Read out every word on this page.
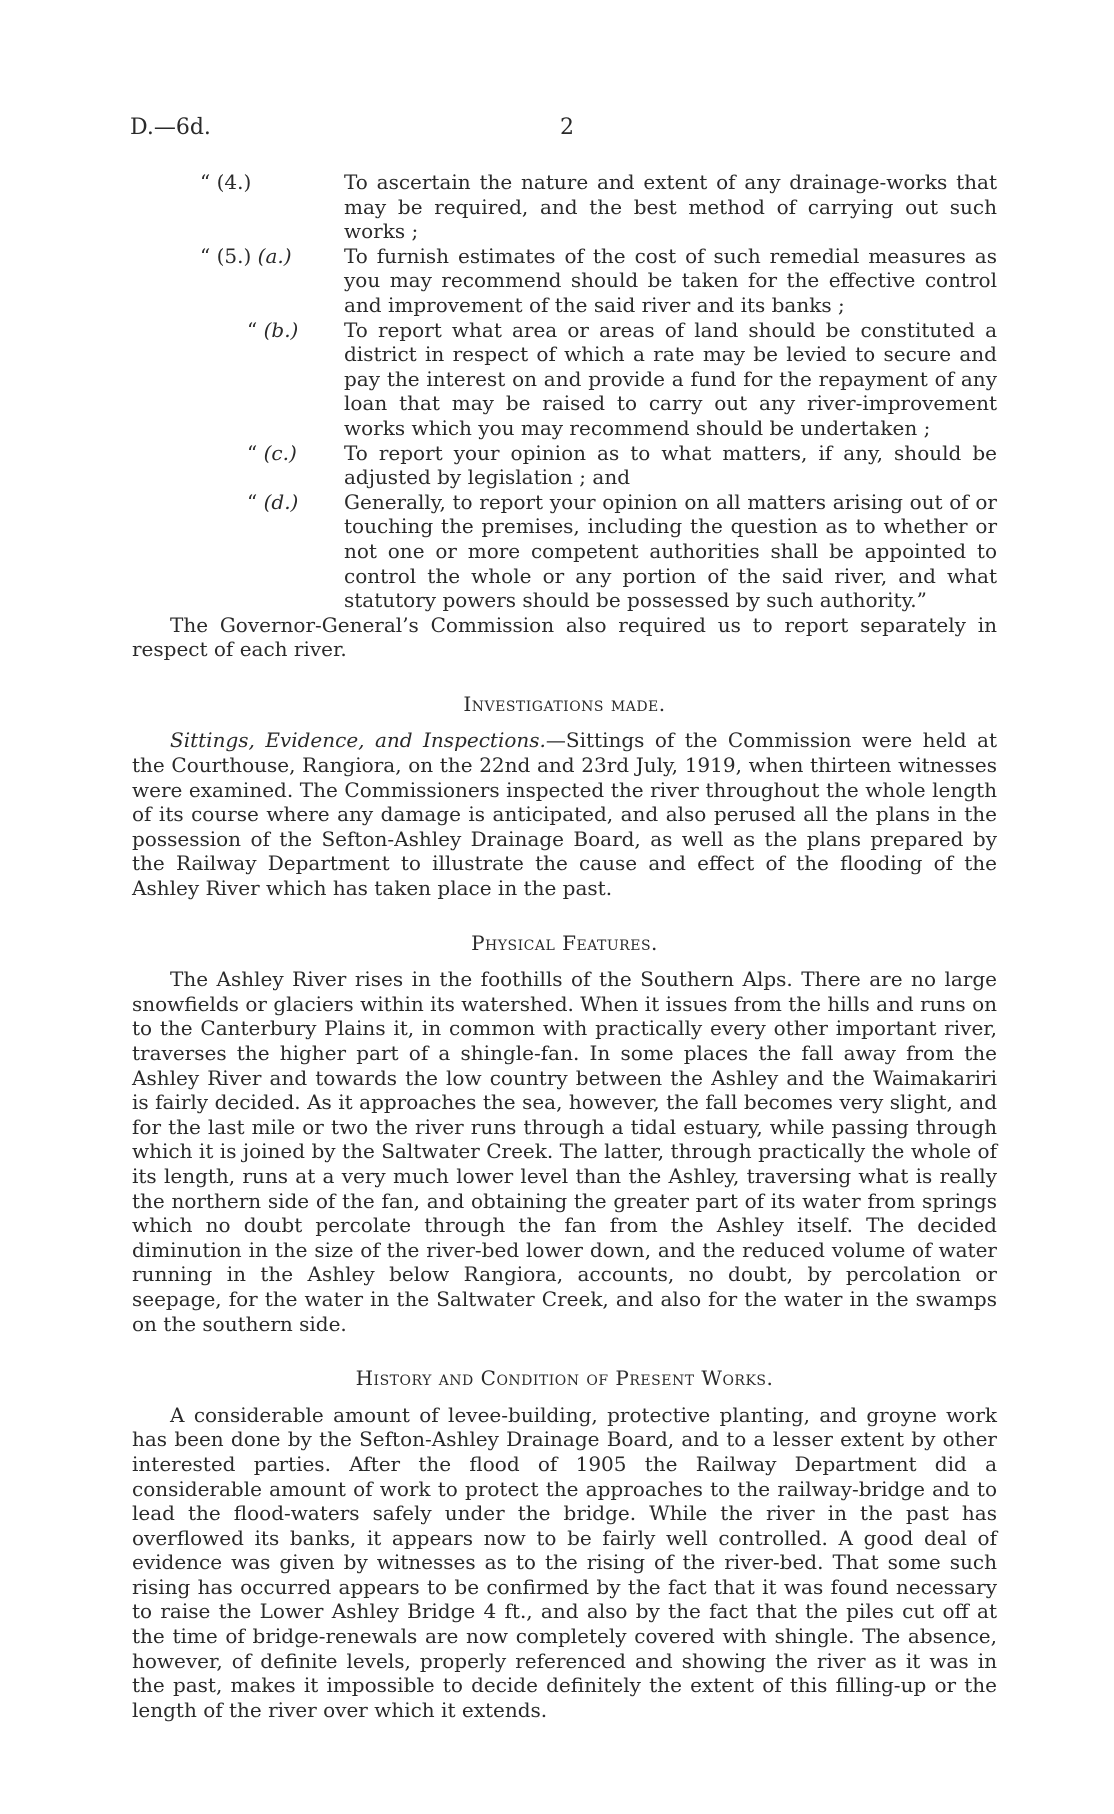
D.—6d.	2

“ (4.)	To ascertain the nature and extent of any drainage-works that may be required, and the best method of carrying out such works ;

“ (5.) (a.)	To furnish estimates of the cost of such remedial measures as you may recommend should be taken for the effective control and improvement of the said river and its banks ;

“ (b.) To report what area or areas of land should be constituted a district in respect of which a rate may be levied to secure and pay the interest on and provide a fund for the repayment of any loan that may be raised to carry out any river-improvement works which you may recommend should be undertaken ;

“ (c.) To report your opinion as to what matters, if any, should be adjusted by legislation ; and

“ (d.) Generally, to report your opinion on all matters arising out of or touching the premises, including the question as to whether or not one or more competent authorities shall be appointed to control the whole or any portion of the said river, and what statutory powers should be possessed by such authority.”

The Governor-General’s Commission also required us to report separately in respect of each river.

Investigations made.

Sittings, Evidence, and Inspections.—Sittings of the Commission were held at the Courthouse, Rangiora, on the 22nd and 23rd July, 1919, when thirteen witnesses were examined. The Commissioners inspected the river throughout the whole length of its course where any damage is anticipated, and also perused all the plans in the possession of the Sefton-Ashley Drainage Board, as well as the plans prepared by the Railway Department to illustrate the cause and effect of the flooding of the Ashley River which has taken place in the past.

Physical Features.

The Ashley River rises in the foothills of the Southern Alps. There are no large snowfields or glaciers within its watershed. When it issues from the hills and runs on to the Canterbury Plains it, in common with practically every other important river, traverses the higher part of a shingle-fan. In some places the fall away from the Ashley River and towards the low country between the Ashley and the Waimakariri is fairly decided. As it approaches the sea, however, the fall becomes very slight, and for the last mile or two the river runs through a tidal estuary, while passing through which it is joined by the Saltwater Creek. The latter, through practically the whole of its length, runs at a very much lower level than the Ashley, traversing what is really the northern side of the fan, and obtaining the greater part of its water from springs which no doubt percolate through the fan from the Ashley itself. The decided diminution in the size of the river-bed lower down, and the reduced volume of water running in the Ashley below Rangiora, accounts, no doubt, by percolation or seepage, for the water in the Saltwater Creek, and also for the water in the swamps on the southern side.

History and Condition of Present Works.

A considerable amount of levee-building, protective planting, and groyne work has been done by the Sefton-Ashley Drainage Board, and to a lesser extent by other interested parties. After the flood of 1905 the Railway Department did a considerable amount of work to protect the approaches to the railway-bridge and to lead the flood-waters safely under the bridge. While the river in the past has overflowed its banks, it appears now to be fairly well controlled. A good deal of evidence was given by witnesses as to the rising of the river-bed. That some such rising has occurred appears to be confirmed by the fact that it was found necessary to raise the Lower Ashley Bridge 4 ft., and also by the fact that the piles cut off at the time of bridge-renewals are now completely covered with shingle. The absence, however, of definite levels, properly referenced and showing the river as it was in the past, makes it impossible to decide definitely the extent of this filling-up or the length of the river over which it extends.
